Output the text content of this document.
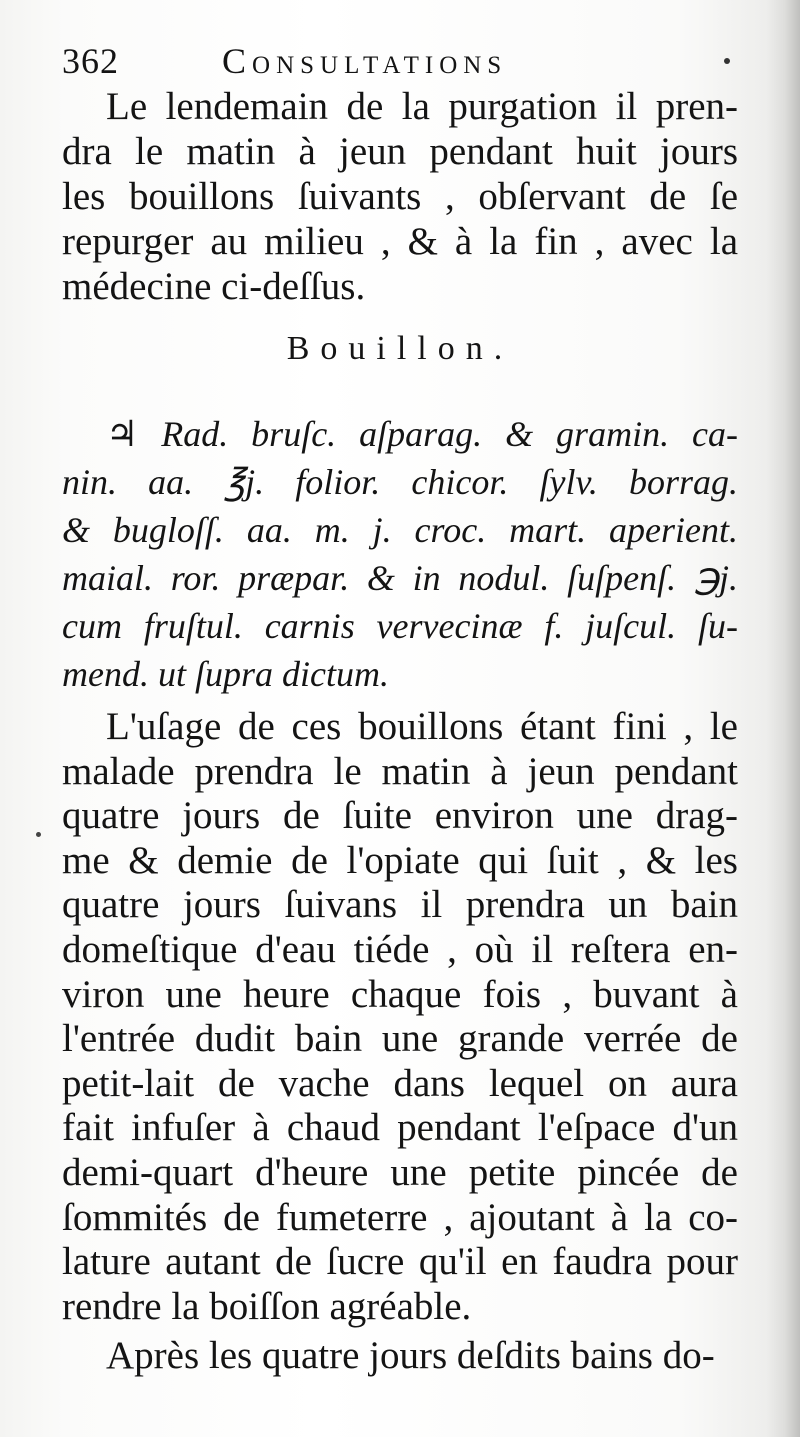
362	Consultations
Le lendemain de la purgation il pren-
dra le matin à jeun pendant huit jours
les bouillons ſuivants , obſervant de ſe
repurger au milieu , & à la fin , avec la
médecine ci-deſſus.
Bouillon.
♃ Rad. bruſc. aſparag. & gramin. ca-
nin. aa. ℥j. folior. chicor. ſylv. borrag.
& bugloſſ. aa. m. j. croc. mart. aperient.
maial. ror. præpar. & in nodul. ſuſpenſ. ℈j.
cum fruſtul. carnis vervecinæ f. juſcul. ſu-
mend. ut ſupra dictum.
L'uſage de ces bouillons étant fini , le
malade prendra le matin à jeun pendant
quatre jours de ſuite environ une drag-
me & demie de l'opiate qui ſuit , & les
quatre jours ſuivans il prendra un bain
domeſtique d'eau tiéde , où il reſtera en-
viron une heure chaque fois , buvant à
l'entrée dudit bain une grande verrée de
petit-lait de vache dans lequel on aura
fait infuſer à chaud pendant l'eſpace d'un
demi-quart d'heure une petite pincée de
ſommités de fumeterre , ajoutant à la co-
lature autant de ſucre qu'il en faudra pour
rendre la boiſſon agréable.
Après les quatre jours deſdits bains do-
